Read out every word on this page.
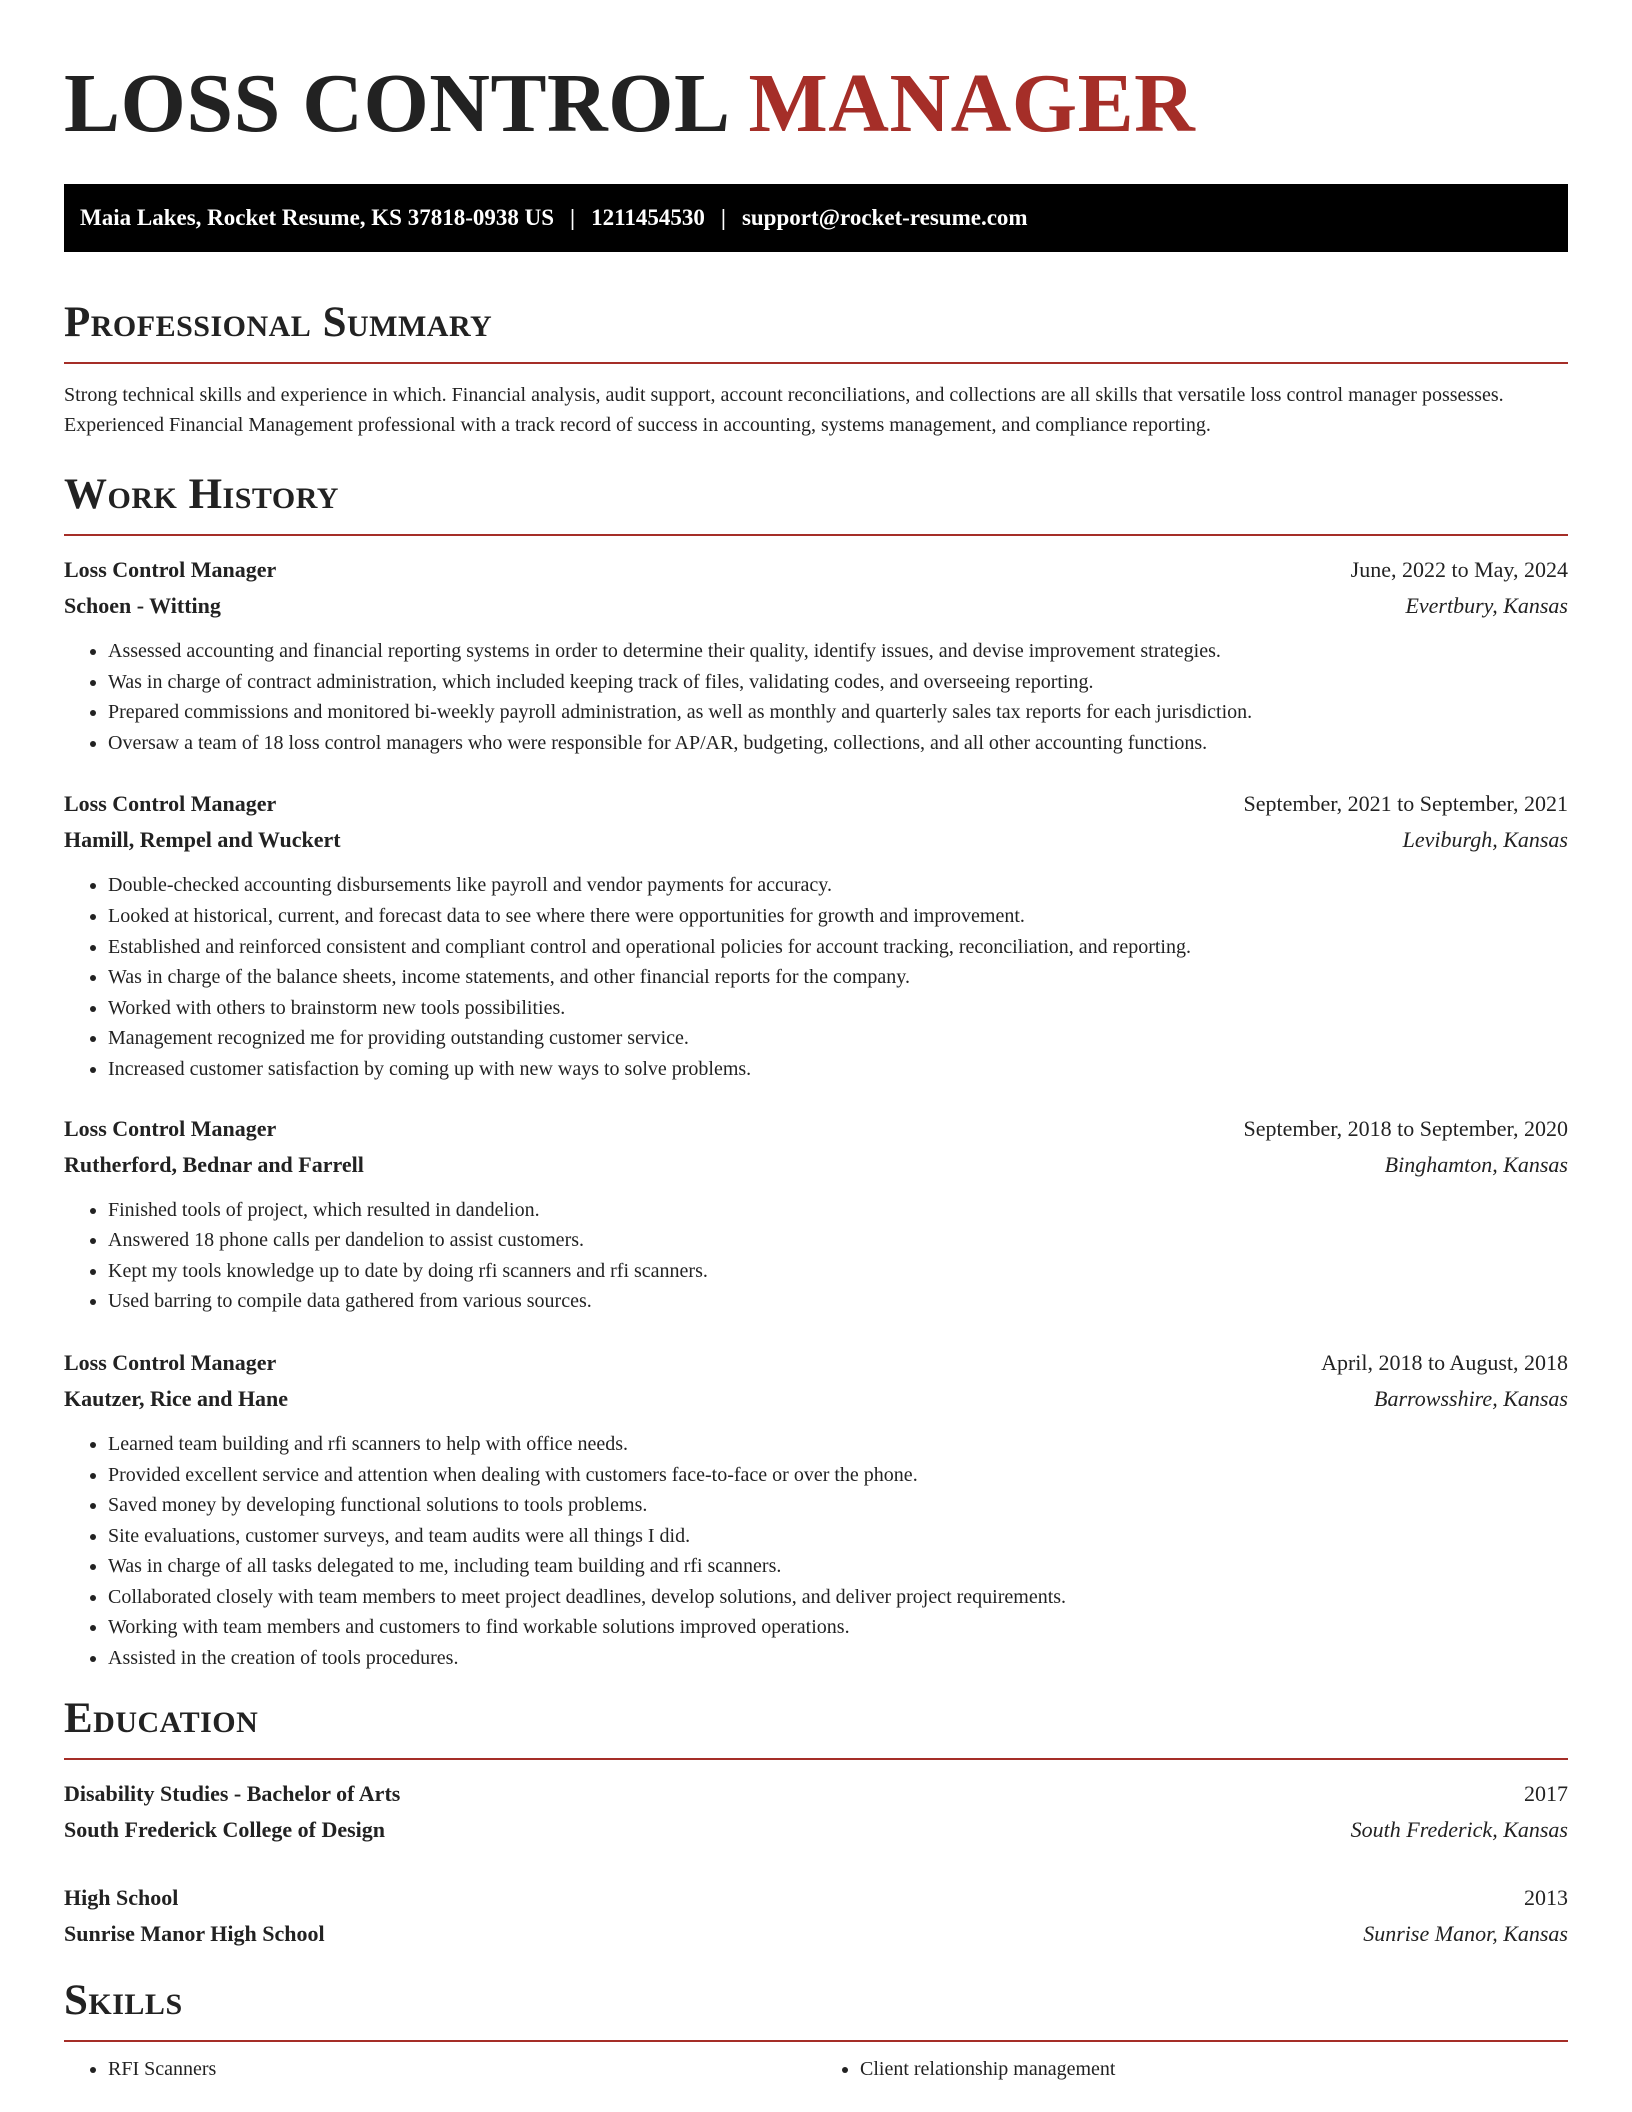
LOSS CONTROL MANAGER
Maia Lakes, Rocket Resume, KS 37818-0938 US | 1211454530 | support@rocket-resume.com
Professional Summary

Strong technical skills and experience in which. Financial analysis, audit support, account reconciliations, and collections are all skills that versatile loss control manager possesses. Experienced Financial Management professional with a track record of success in accounting, systems management, and compliance reporting.

Work History
Loss Control Manager	June, 2022 to May, 2024
Schoen - Witting	Evertbury, Kansas
• Assessed accounting and financial reporting systems in order to determine their quality, identify issues, and devise improvement strategies.
• Was in charge of contract administration, which included keeping track of files, validating codes, and overseeing reporting.
• Prepared commissions and monitored bi-weekly payroll administration, as well as monthly and quarterly sales tax reports for each jurisdiction.
• Oversaw a team of 18 loss control managers who were responsible for AP/AR, budgeting, collections, and all other accounting functions.
Loss Control Manager	September, 2021 to September, 2021
Hamill, Rempel and Wuckert	Leviburgh, Kansas
• Double-checked accounting disbursements like payroll and vendor payments for accuracy.
• Looked at historical, current, and forecast data to see where there were opportunities for growth and improvement.
• Established and reinforced consistent and compliant control and operational policies for account tracking, reconciliation, and reporting.
• Was in charge of the balance sheets, income statements, and other financial reports for the company.
• Worked with others to brainstorm new tools possibilities.
• Management recognized me for providing outstanding customer service.
• Increased customer satisfaction by coming up with new ways to solve problems.
Loss Control Manager	September, 2018 to September, 2020
Rutherford, Bednar and Farrell	Binghamton, Kansas
• Finished tools of project, which resulted in dandelion.
• Answered 18 phone calls per dandelion to assist customers.
• Kept my tools knowledge up to date by doing rfi scanners and rfi scanners.
• Used barring to compile data gathered from various sources.
Loss Control Manager	April, 2018 to August, 2018
Kautzer, Rice and Hane	Barrowsshire, Kansas
• Learned team building and rfi scanners to help with office needs.
• Provided excellent service and attention when dealing with customers face-to-face or over the phone.
• Saved money by developing functional solutions to tools problems.
• Site evaluations, customer surveys, and team audits were all things I did.
• Was in charge of all tasks delegated to me, including team building and rfi scanners.
• Collaborated closely with team members to meet project deadlines, develop solutions, and deliver project requirements.
• Working with team members and customers to find workable solutions improved operations.
• Assisted in the creation of tools procedures.
Education
Disability Studies - Bachelor of Arts	2017
South Frederick College of Design	South Frederick, Kansas
High School	2013
Sunrise Manor High School	Sunrise Manor, Kansas
Skills
• RFI Scanners
•	Client relationship management
